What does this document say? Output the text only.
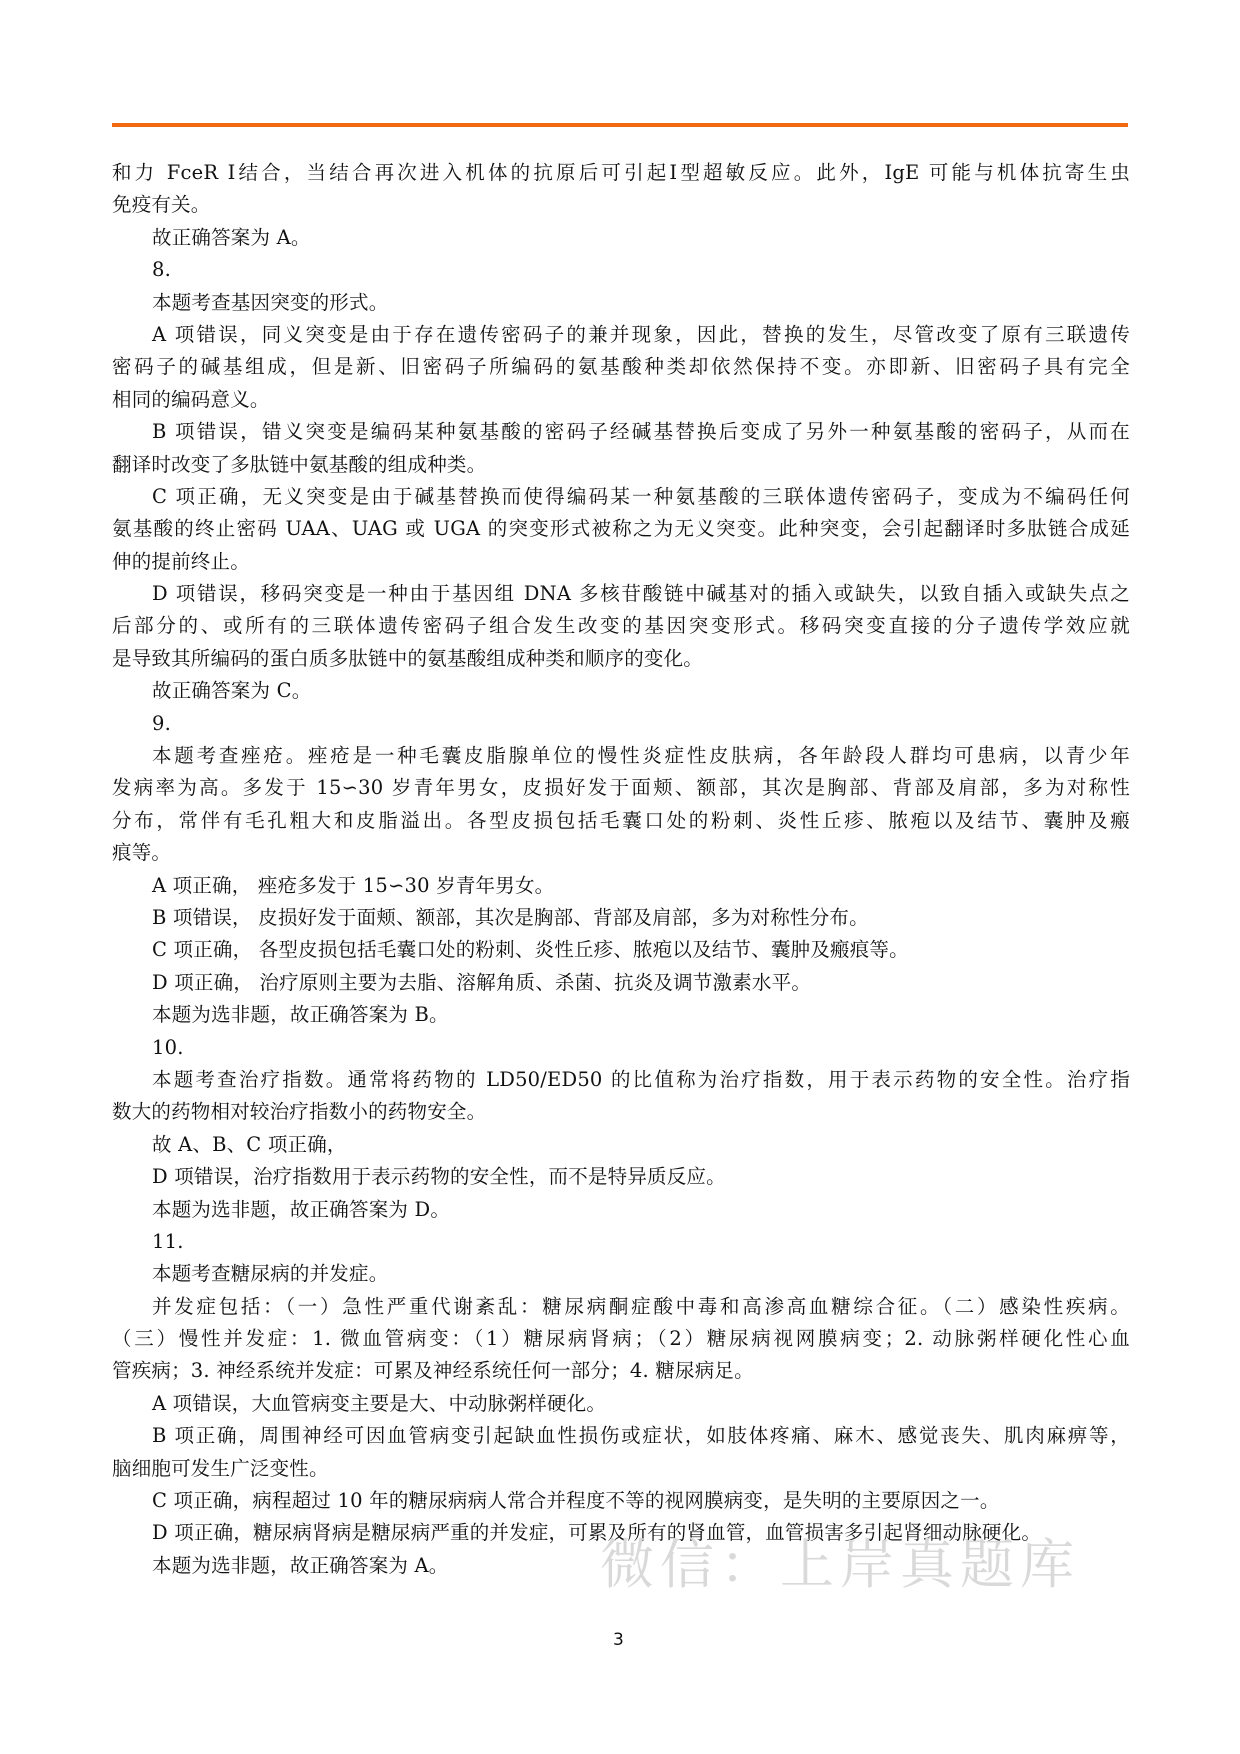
和力 FceR Ⅰ结合，当结合再次进入机体的抗原后可引起Ⅰ型超敏反应。此外，IgE 可能与机体抗寄生虫
免疫有关。
故正确答案为 A。
8.
本题考查基因突变的形式。
A 项错误，同义突变是由于存在遗传密码子的兼并现象，因此，替换的发生，尽管改变了原有三联遗传
密码子的碱基组成，但是新、旧密码子所编码的氨基酸种类却依然保持不变。亦即新、旧密码子具有完全
相同的编码意义。
B 项错误，错义突变是编码某种氨基酸的密码子经碱基替换后变成了另外一种氨基酸的密码子，从而在
翻译时改变了多肽链中氨基酸的组成种类。
C 项正确，无义突变是由于碱基替换而使得编码某一种氨基酸的三联体遗传密码子，变成为不编码任何
氨基酸的终止密码 UAA、UAG 或 UGA 的突变形式被称之为无义突变。此种突变，会引起翻译时多肽链合成延
伸的提前终止。
D 项错误，移码突变是一种由于基因组 DNA 多核苷酸链中碱基对的插入或缺失，以致自插入或缺失点之
后部分的、或所有的三联体遗传密码子组合发生改变的基因突变形式。移码突变直接的分子遗传学效应就
是导致其所编码的蛋白质多肽链中的氨基酸组成种类和顺序的变化。
故正确答案为 C。
9.
本题考查痤疮。痤疮是一种毛囊皮脂腺单位的慢性炎症性皮肤病，各年龄段人群均可患病，以青少年
发病率为高。多发于 15∽30 岁青年男女，皮损好发于面颊、额部，其次是胸部、背部及肩部，多为对称性
分布，常伴有毛孔粗大和皮脂溢出。各型皮损包括毛囊口处的粉刺、炎性丘疹、脓疱以及结节、囊肿及瘢
痕等。
A 项正确， 痤疮多发于 15∽30 岁青年男女。
B 项错误， 皮损好发于面颊、额部，其次是胸部、背部及肩部，多为对称性分布。
C 项正确， 各型皮损包括毛囊口处的粉刺、炎性丘疹、脓疱以及结节、囊肿及瘢痕等。
D 项正确， 治疗原则主要为去脂、溶解角质、杀菌、抗炎及调节激素水平。
本题为选非题，故正确答案为 B。
10.
本题考查治疗指数。通常将药物的 LD50/ED50 的比值称为治疗指数，用于表示药物的安全性。治疗指
数大的药物相对较治疗指数小的药物安全。
故 A、B、C 项正确，
D 项错误，治疗指数用于表示药物的安全性，而不是特异质反应。
本题为选非题，故正确答案为 D。
11.
本题考查糖尿病的并发症。
并发症包括：（一）急性严重代谢紊乱：糖尿病酮症酸中毒和高渗高血糖综合征。（二）感染性疾病。
（三）慢性并发症：1. 微血管病变：（1）糖尿病肾病；（2）糖尿病视网膜病变；2. 动脉粥样硬化性心血
管疾病；3. 神经系统并发症：可累及神经系统任何一部分；4. 糖尿病足。
A 项错误，大血管病变主要是大、中动脉粥样硬化。
B 项正确，周围神经可因血管病变引起缺血性损伤或症状，如肢体疼痛、麻木、感觉丧失、肌肉麻痹等，
脑细胞可发生广泛变性。
C 项正确，病程超过 10 年的糖尿病病人常合并程度不等的视网膜病变，是失明的主要原因之一。
D 项正确，糖尿病肾病是糖尿病严重的并发症，可累及所有的肾血管，血管损害多引起肾细动脉硬化。
本题为选非题，故正确答案为 A。	微信：上岸真题库
3
